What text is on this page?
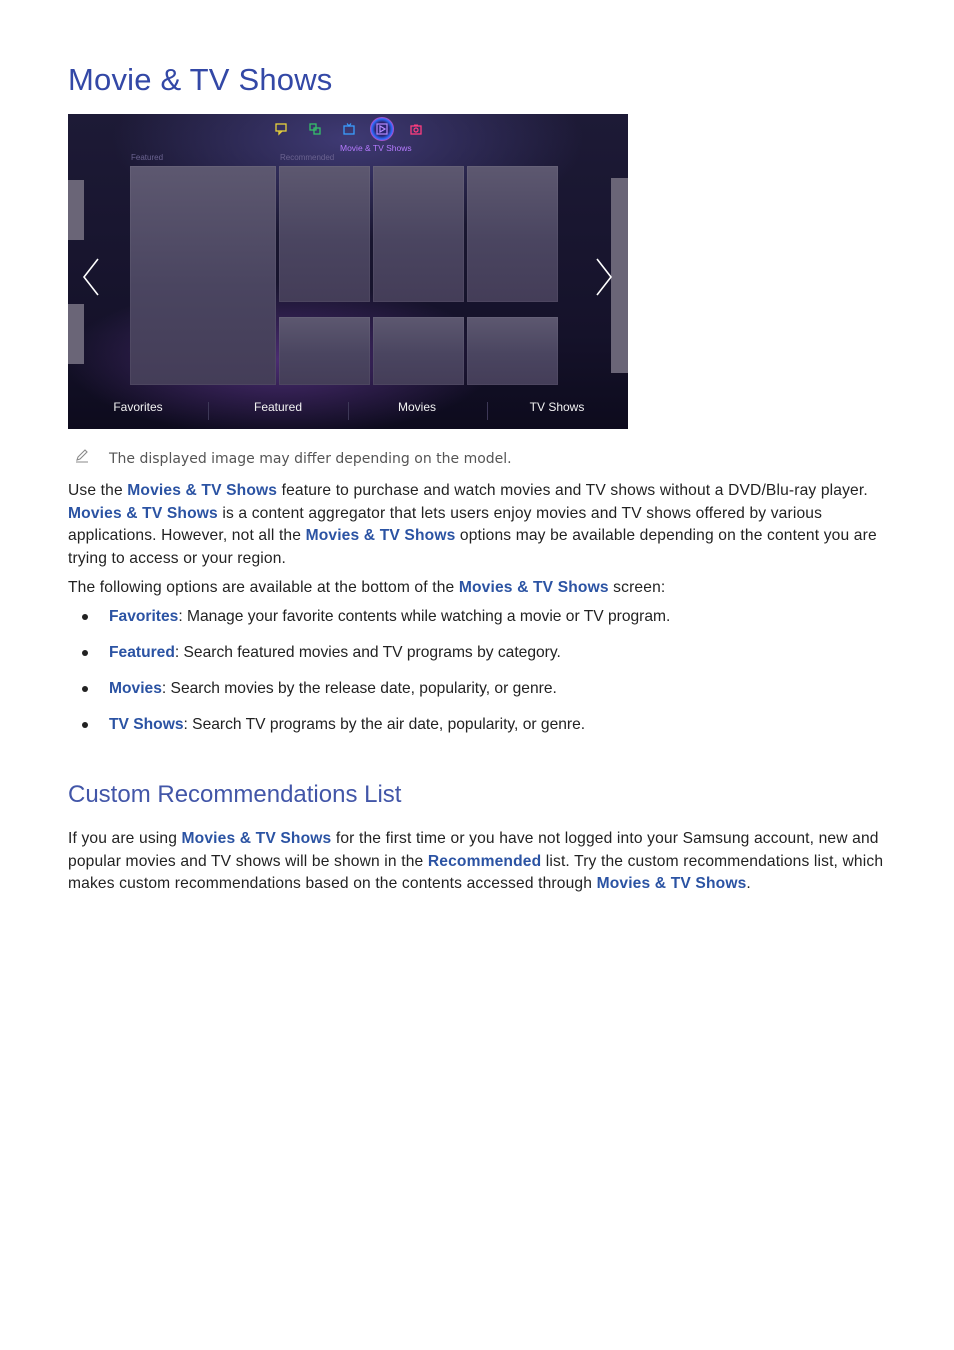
Movie & TV Shows
Movie & TV Shows
Featured	Recommended
Favorites	Featured	Movies	TV Shows
The displayed image may differ depending on the model.

Use the Movies & TV Shows feature to purchase and watch movies and TV shows without a DVD/Blu-ray player. Movies & TV Shows is a content aggregator that lets users enjoy movies and TV shows offered by various applications. However, not all the Movies & TV Shows options may be available depending on the content you are trying to access or your region.

The following options are available at the bottom of the Movies & TV Shows screen:

Favorites: Manage your favorite contents while watching a movie or TV program.
Featured: Search featured movies and TV programs by category.
Movies: Search movies by the release date, popularity, or genre.
TV Shows: Search TV programs by the air date, popularity, or genre.
Custom Recommendations List

If you are using Movies & TV Shows for the first time or you have not logged into your Samsung account, new and popular movies and TV shows will be shown in the Recommended list. Try the custom recommendations list, which makes custom recommendations based on the contents accessed through Movies & TV Shows.
